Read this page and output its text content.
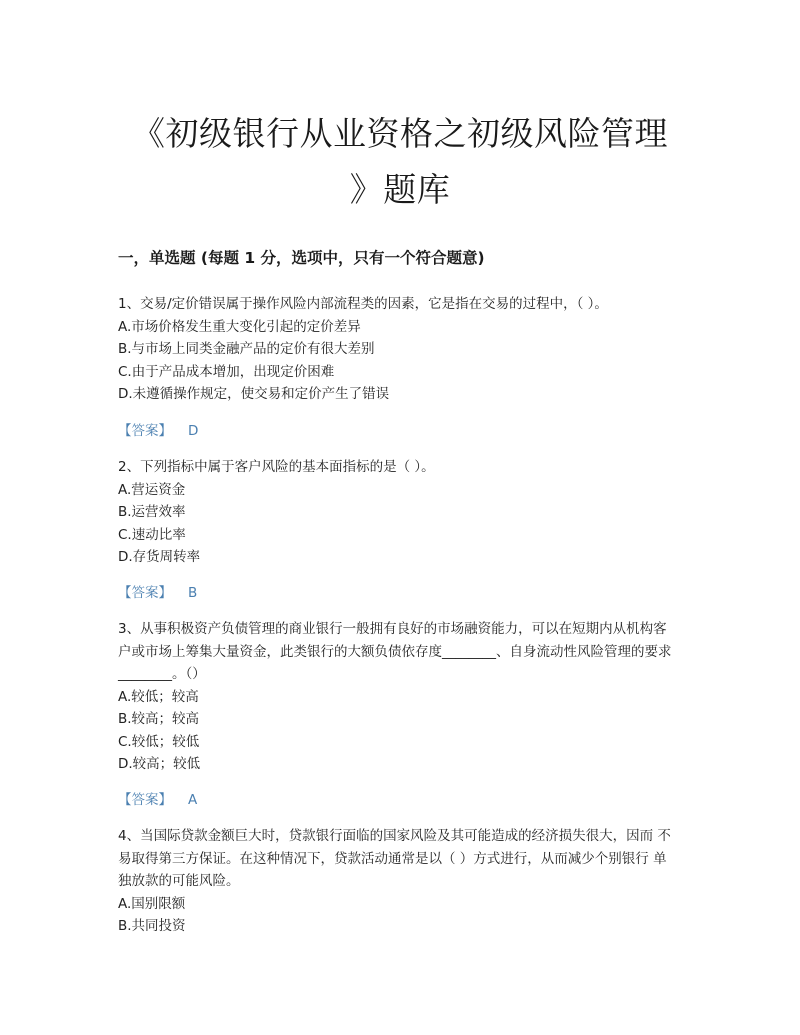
《初级银行从业资格之初级风险管理
》题库
一，单选题 (每题 1 分，选项中，只有一个符合题意)

1、交易/定价错误属于操作风险内部流程类的因素，它是指在交易的过程中，（ ）。

A.市场价格发生重大变化引起的定价差异

B.与市场上同类金融产品的定价有很大差别

C.由于产品成本增加，出现定价困难

D.未遵循操作规定，使交易和定价产生了错误

【答案】 D

2、下列指标中属于客户风险的基本面指标的是（ ）。

A.营运资金

B.运营效率

C.速动比率

D.存货周转率

【答案】 B

3、从事积极资产负债管理的商业银行一般拥有良好的市场融资能力，可以在短期内从机构客户或市场上筹集大量资金，此类银行的大额负债依存度________、自身流动性风险管理的要求________。（）

A.较低；较高

B.较高；较高

C.较低；较低

D.较高；较低

【答案】 A

4、当国际贷款金额巨大时，贷款银行面临的国家风险及其可能造成的经济损失很大，因而 不易取得第三方保证。在这种情况下，贷款活动通常是以（ ）方式进行，从而减少个别银行 单独放款的可能风险。

A.国别限额

B.共同投资
